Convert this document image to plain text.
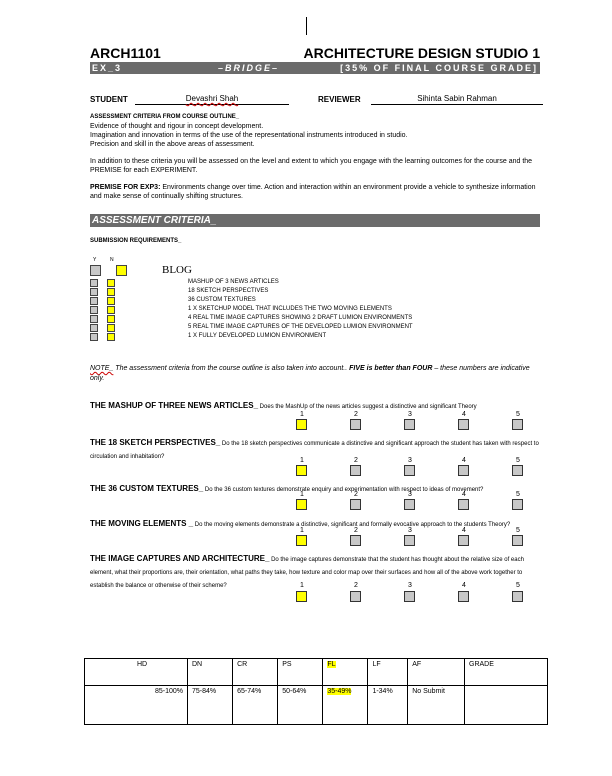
ARCH1101	ARCHITECTURE DESIGN STUDIO 1
EX_3	–BRIDGE–	[35% OF FINAL COURSE GRADE]
STUDENT	Devashri Shah	REVIEWER	Sihinta Sabin Rahman
ASSESSMENT CRITERIA FROM COURSE OUTLINE_
Evidence of thought and rigour in concept development.
Imagination and innovation in terms of the use of the representational instruments introduced in studio.
Precision and skill in the above areas of assessment.
In addition to these criteria you will be assessed on the level and extent to which you engage with the learning outcomes for the course and the PREMISE for each EXPERIMENT.
PREMISE FOR EXP3: Environments change over time. Action and interaction within an environment provide a vehicle to synthesize information and make sense of continually shifting structures.
ASSESSMENT CRITERIA_
SUBMISSION REQUIREMENTS_
Y	N
BLOG
MASHUP OF 3 NEWS ARTICLES
18 SKETCH PERSPECTIVES
36 CUSTOM TEXTURES
1 X SKETCHUP MODEL THAT INCLUDES THE TWO MOVING ELEMENTS
4 REAL TIME IMAGE CAPTURES SHOWING 2 DRAFT LUMION ENVIRONMENTS
5 REAL TIME IMAGE CAPTURES OF THE DEVELOPED LUMION ENVIRONMENT
1 X FULLY DEVELOPED LUMION ENVIRONMENT
NOTE_ The assessment criteria from the course outline is also taken into account.. FIVE is better than FOUR – these numbers are indicative only.
THE MASHUP OF THREE NEWS ARTICLES_ Does the MashUp of the news articles suggest a distinctive and significant Theory
1	2	3	4	5
THE 18 SKETCH PERSPECTIVES_ Do the 18 sketch perspectives communicate a distinctive and significant approach the student has taken with respect to circulation and inhabitation?	1	2	3	4	5
THE 36 CUSTOM TEXTURES_ Do the 36 custom textures demonstrate enquiry and experimentation with respect to ideas of movement?
1	2	3	4	5
THE MOVING ELEMENTS _ Do the moving elements demonstrate a distinctive, significant and formally evocative approach to the students Theory?
1	2	3	4	5
THE IMAGE CAPTURES AND ARCHITECTURE_ Do the image captures demonstrate that the student has thought about the relative size of each element, what their proportions are, their orientation, what paths they take, how texture and color map over their surfaces and how all of the above work together to establish the balance or otherwise of their scheme?	1	2	3	4	5
HD	DN	CR	PS	FL	LF	AF	GRADE
85-100%	75-84%	65-74%	50-64%	35-49%	1-34%	No Submit	
